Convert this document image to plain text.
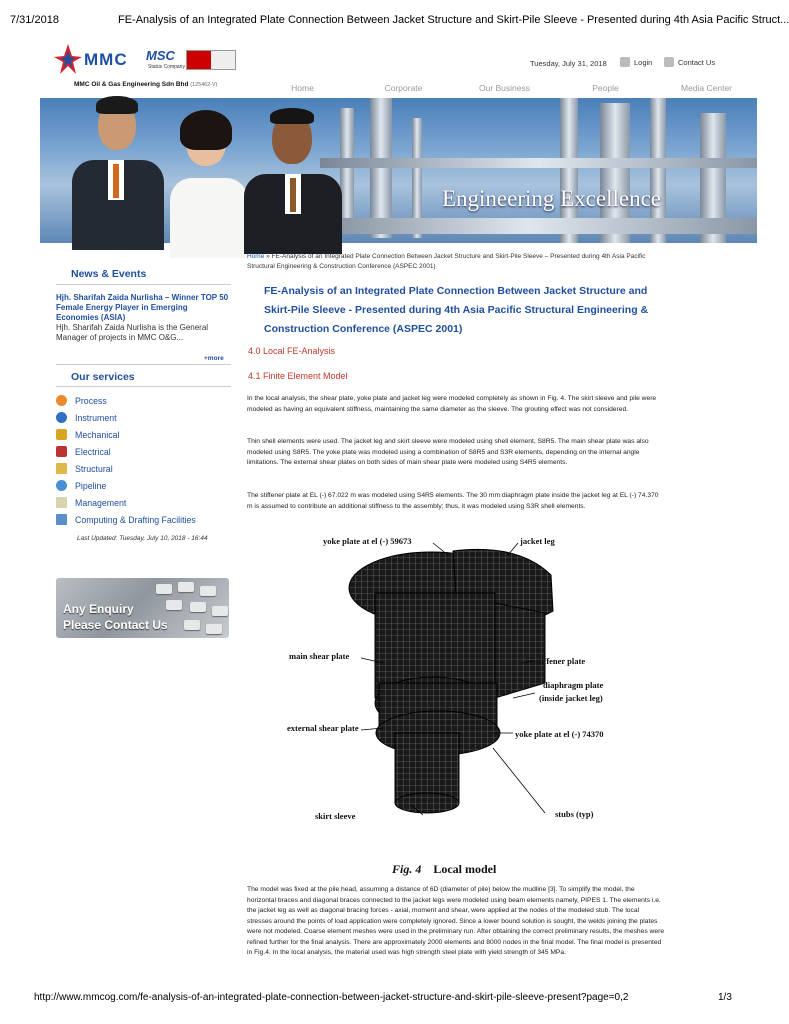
7/31/2018	FE-Analysis of an Integrated Plate Connection Between Jacket Structure and Skirt-Pile Sleeve - Presented during 4th Asia Pacific Struct...
MMC MSC
Status Company
MMC Oil & Gas Engineering Sdn Bhd (125462-V)
Tuesday, July 31, 2018	Login	Contact Us
Home	Corporate	Our Business	People	Media Center
Engineering Excellence
News & Events
Hjh. Sharifah Zaida Nurlisha – Winner TOP 50 Female Energy Player in Emerging Economies (ASIA)
Hjh. Sharifah Zaida Nurlisha is the General Manager of projects in MMC O&G...
+more
Our services
Process
Instrument
Mechanical
Electrical
Structural
Pipeline
Management
Computing & Drafting Facilities
Last Updated: Tuesday, July 10, 2018 - 16:44
Any Enquiry
Please Contact Us
Home » FE-Analysis of an Integrated Plate Connection Between Jacket Structure and Skirt-Pile Sleeve – Presented during 4th Asia Pacific Structural Engineering & Construction Conference (ASPEC 2001)
FE-Analysis of an Integrated Plate Connection Between Jacket Structure and Skirt-Pile Sleeve - Presented during 4th Asia Pacific Structural Engineering & Construction Conference (ASPEC 2001)
4.0 Local FE-Analysis
4.1 Finite Element Model
In the local analysis, the shear plate, yoke plate and jacket leg were modeled completely as shown in Fig. 4. The skirt sleeve and pile were modeled as having an equivalent stiffness, maintaining the same diameter as the sleeve. The grouting effect was not considered.
Thin shell elements were used. The jacket leg and skirt sleeve were modeled using shell element, S8R5. The main shear plate was also modeled using S8R5. The yoke plate was modeled using a combination of S8R5 and S3R elements, depending on the internal angle limitations. The external shear plates on both sides of main shear plate were modeled using S4R5 elements.
The stiffener plate at EL (-) 67.022 m was modeled using S4R5 elements. The 30 mm diaphragm plate inside the jacket leg at EL (-) 74.370 m is assumed to contribute an additional stiffness to the assembly; thus, it was modeled using S3R shell elements.
yoke plate at el (-) 59673	jacket leg
main shear plate	stiffener plate
diaphragm plate
(inside jacket leg)
external shear plate
yoke plate at el (-) 74370
skirt sleeve	stubs (typ)
Fig. 4 Local model
The model was fixed at the pile head, assuming a distance of 6D (diameter of pile) below the mudline [3]. To simplify the model, the horizontal braces and diagonal braces connected to the jacket legs were modeled using beam elements namely, PIPES 1. The elements i.e. the jacket leg as well as diagonal bracing forces - axial, moment and shear, were applied at the nodes of the modeled stub. The local stresses around the points of load application were completely ignored. Since a lower bound solution is sought, the welds joining the plates were not modeled. Coarse element meshes were used in the preliminary run. After obtaining the correct preliminary results, the meshes were refined further for the final analysis. There are approximately 2000 elements and 8000 nodes in the final model. The final model is presented in Fig.4. In the local analysis, the material used was high strength steel plate with yield strength of 345 MPa.
http://www.mmcog.com/fe-analysis-of-an-integrated-plate-connection-between-jacket-structure-and-skirt-pile-sleeve-present?page=0,2	1/3
